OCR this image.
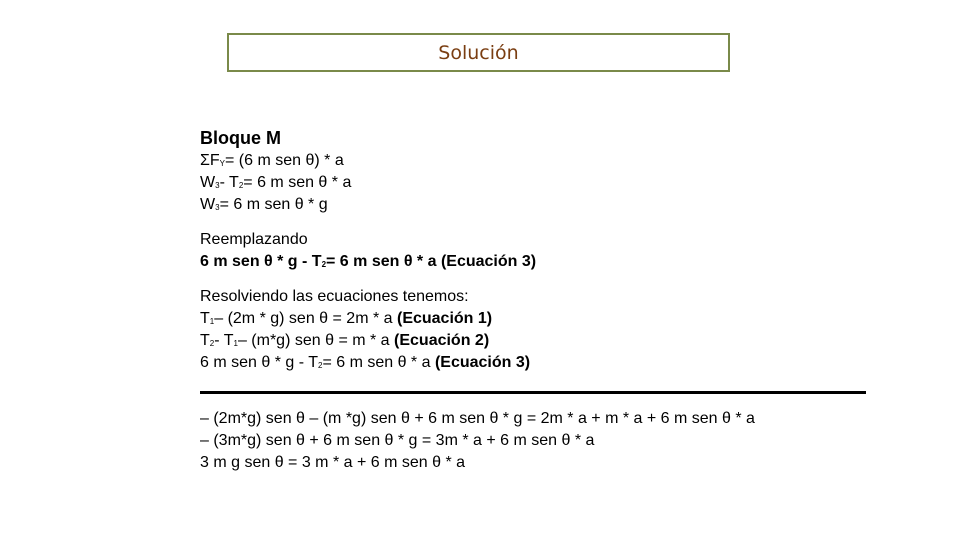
Solución
Bloque M
ΣFY= (6 m sen θ) * a
W3- T2= 6 m sen θ * a
W3= 6 m sen θ * g
Reemplazando
6 m sen θ * g - T2= 6 m sen θ * a (Ecuación 3)
Resolviendo las ecuaciones tenemos:
T1– (2m * g) sen θ = 2m * a (Ecuación 1)
T2- T1– (m*g) sen θ = m * a (Ecuación 2)
6 m sen θ * g - T2= 6 m sen θ * a (Ecuación 3)
– (2m*g) sen θ – (m *g) sen θ + 6 m sen θ * g = 2m * a + m * a + 6 m sen θ * a
– (3m*g) sen θ + 6 m sen θ * g = 3m * a + 6 m sen θ * a
3 m g sen θ = 3 m * a + 6 m sen θ * a
